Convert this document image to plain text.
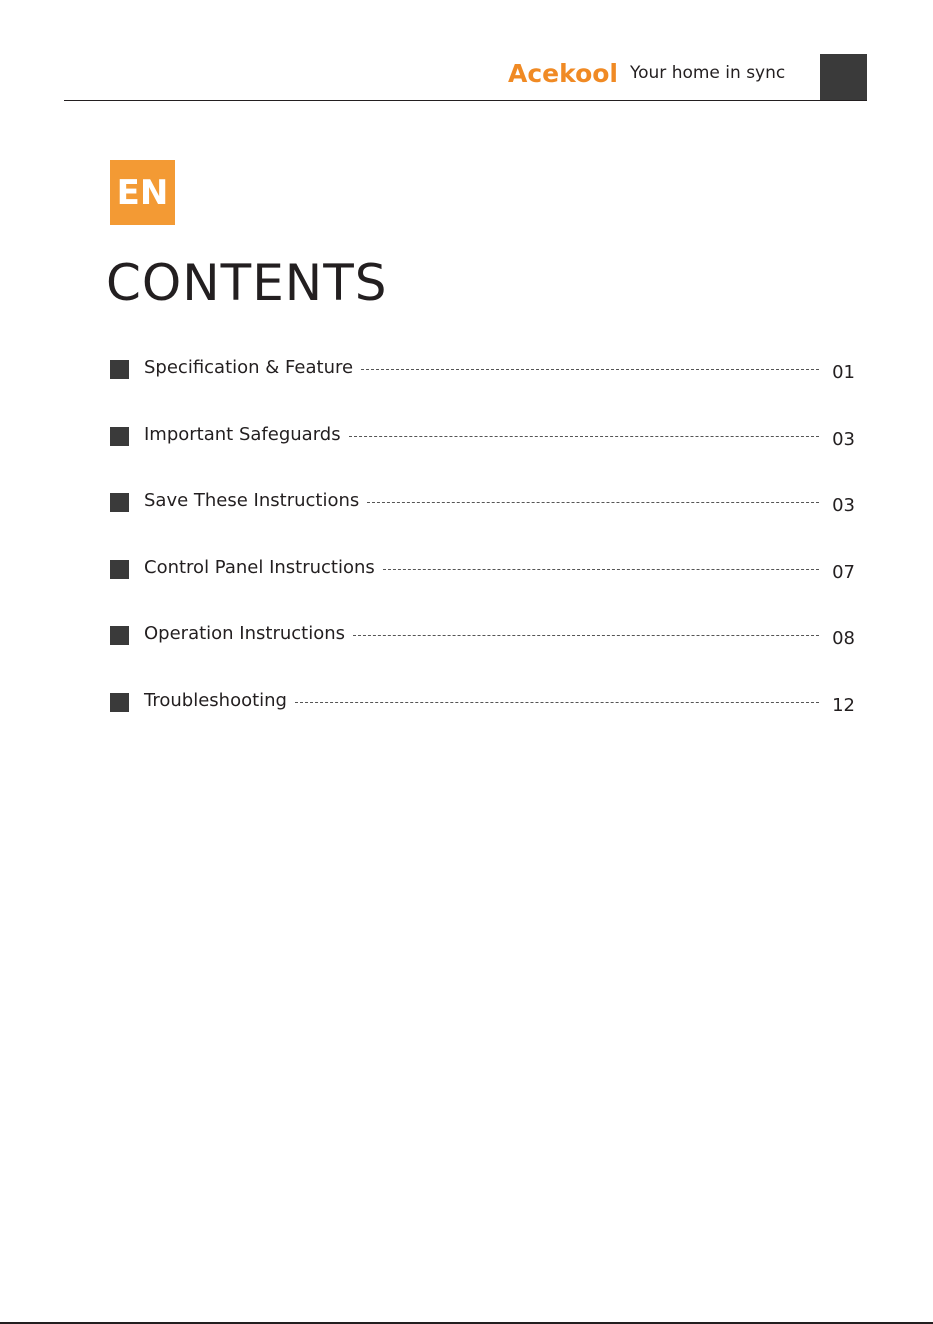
Acekool Your home in sync
EN
CONTENTS
Specification & Feature	01
Important Safeguards	03
Save These Instructions	03
Control Panel Instructions	07
Operation Instructions	08
Troubleshooting	12
